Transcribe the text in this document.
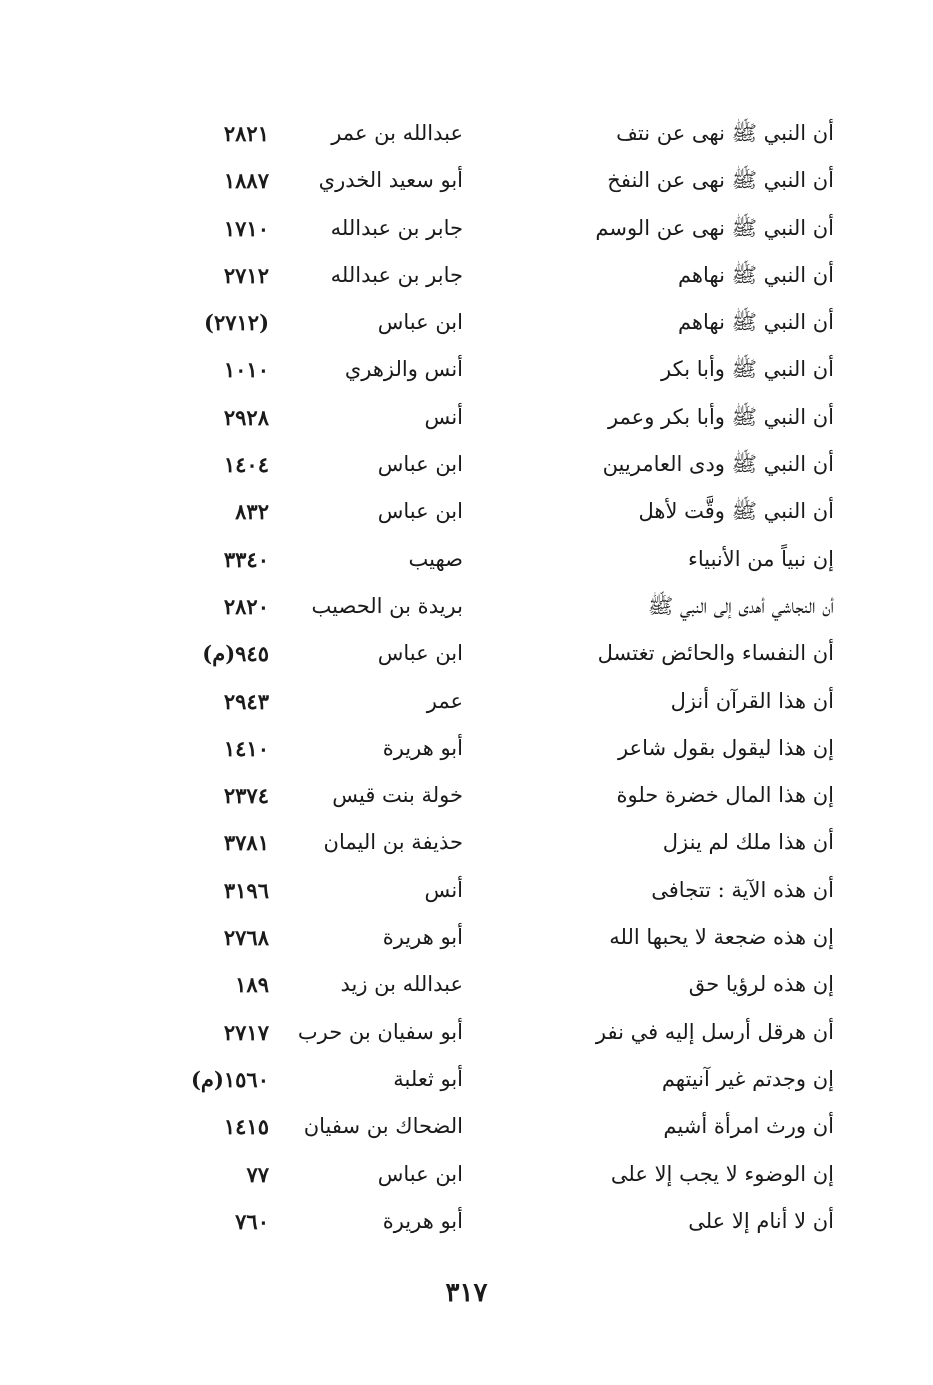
أن النبي ﷺ نهى عن نتف
عبدالله بن عمر
٢٨٢١
أن النبي ﷺ نهى عن النفخ
أبو سعيد الخدري
١٨٨٧
أن النبي ﷺ نهى عن الوسم
جابر بن عبدالله
١٧١٠
أن النبي ﷺ نهاهم
جابر بن عبدالله
٢٧١٢
أن النبي ﷺ نهاهم
ابن عباس
(٢٧١٢)
أن النبي ﷺ وأبا بكر
أنس والزهري
١٠١٠
أن النبي ﷺ وأبا بكر وعمر
أنس
٢٩٢٨
أن النبي ﷺ ودى العامريين
ابن عباس
١٤٠٤
أن النبي ﷺ وقَّت لأهل
ابن عباس
٨٣٢
إن نبياً من الأنبياء
صهيب
٣٣٤٠
أن النجاشي أهدى إلى النبي ﷺ
بريدة بن الحصيب
٢٨٢٠
أن النفساء والحائض تغتسل
ابن عباس
٩٤٥(م)
أن هذا القرآن أنزل
عمر
٢٩٤٣
إن هذا ليقول بقول شاعر
أبو هريرة
١٤١٠
إن هذا المال خضرة حلوة
خولة بنت قيس
٢٣٧٤
أن هذا ملك لم ينزل
حذيفة بن اليمان
٣٧٨١
أن هذه الآية : تتجافى
أنس
٣١٩٦
إن هذه ضجعة لا يحبها الله
أبو هريرة
٢٧٦٨
إن هذه لرؤيا حق
عبدالله بن زيد
١٨٩
أن هرقل أرسل إليه في نفر
أبو سفيان بن حرب
٢٧١٧
إن وجدتم غير آنيتهم
أبو ثعلبة
١٥٦٠(م)
أن ورث امرأة أشيم
الضحاك بن سفيان
١٤١٥
إن الوضوء لا يجب إلا على
ابن عباس
٧٧
أن لا أنام إلا على
أبو هريرة
٧٦٠
٣١٧
